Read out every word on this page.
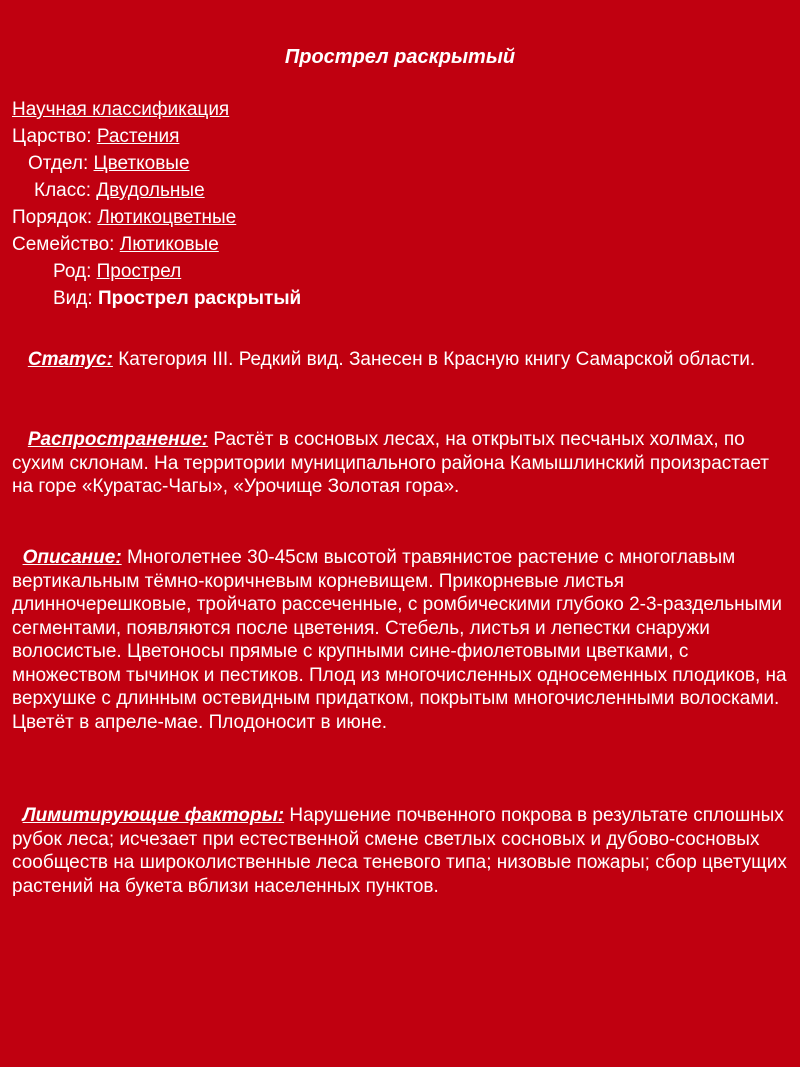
Прострел раскрытый
Научная классификация
Царство: Растения
Отдел: Цветковые
Класс: Двудольные
Порядок: Лютикоцветные
Семейство: Лютиковые
Род: Прострел
Вид: Прострел раскрытый
Статус: Категория III. Редкий вид. Занесен в Красную книгу Самарской области.
Распространение: Растёт в сосновых лесах, на открытых песчаных холмах, по сухим склонам. На территории муниципального района Камышлинский произрастает на горе «Куратас-Чагы», «Урочище Золотая гора».
Описание: Многолетнее 30-45см высотой травянистое растение с многоглавым вертикальным тёмно-коричневым корневищем. Прикорневые листья длинночерешковые, тройчато рассеченные, с ромбическими глубоко 2-3-раздельными сегментами, появляются после цветения. Стебель, листья и лепестки снаружи волосистые. Цветоносы прямые с крупными сине-фиолетовыми цветками, с множеством тычинок и пестиков. Плод из многочисленных односеменных плодиков, на верхушке с длинным остевидным придатком, покрытым многочисленными волосками. Цветёт в апреле-мае. Плодоносит в июне.
Лимитирующие факторы: Нарушение почвенного покрова в результате сплошных рубок леса; исчезает при естественной смене светлых сосновых и дубово-сосновых сообществ на широколиственные леса теневого типа; низовые пожары; сбор цветущих растений на букета вблизи населенных пунктов.
